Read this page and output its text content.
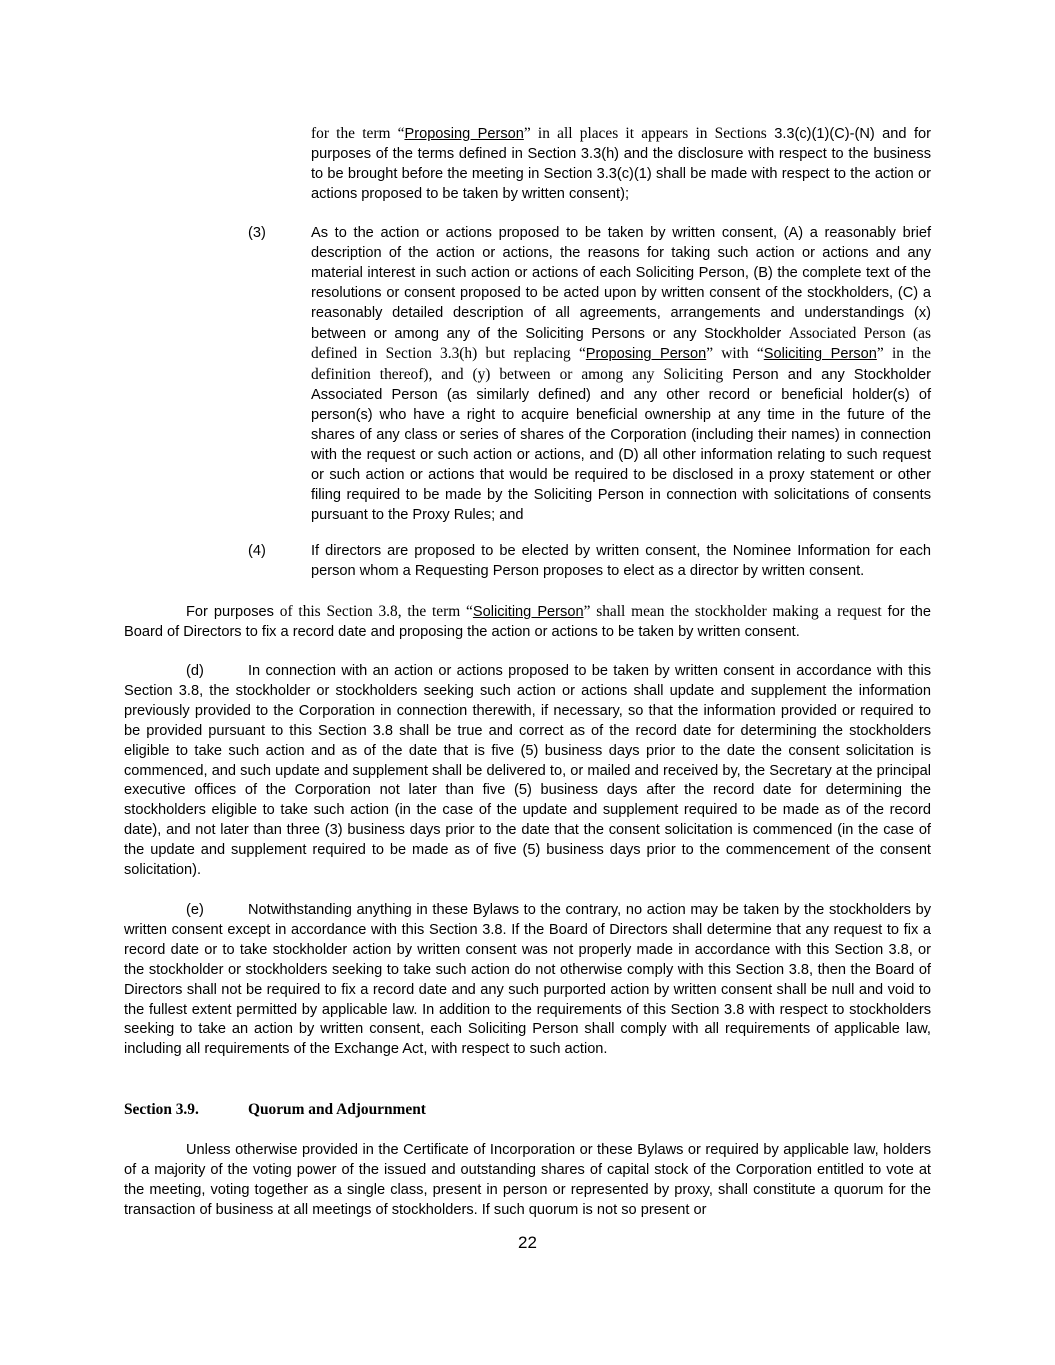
for the term “Proposing Person” in all places it appears in Sections 3.3(c)(1)(C)-(N) and for purposes of the terms defined in Section 3.3(h) and the disclosure with respect to the business to be brought before the meeting in Section 3.3(c)(1) shall be made with respect to the action or actions proposed to be taken by written consent);
(3)	As to the action or actions proposed to be taken by written consent, (A) a reasonably brief description of the action or actions, the reasons for taking such action or actions and any material interest in such action or actions of each Soliciting Person, (B) the complete text of the resolutions or consent proposed to be acted upon by written consent of the stockholders, (C) a reasonably detailed description of all agreements, arrangements and understandings (x) between or among any of the Soliciting Persons or any Stockholder Associated Person (as defined in Section 3.3(h) but replacing “Proposing Person” with “Soliciting Person” in the definition thereof), and (y) between or among any Soliciting Person and any Stockholder Associated Person (as similarly defined) and any other record or beneficial holder(s) of person(s) who have a right to acquire beneficial ownership at any time in the future of the shares of any class or series of shares of the Corporation (including their names) in connection with the request or such action or actions, and (D) all other information relating to such request or such action or actions that would be required to be disclosed in a proxy statement or other filing required to be made by the Soliciting Person in connection with solicitations of consents pursuant to the Proxy Rules; and
(4)	If directors are proposed to be elected by written consent, the Nominee Information for each person whom a Requesting Person proposes to elect as a director by written consent.
For purposes of this Section 3.8, the term “Soliciting Person” shall mean the stockholder making a request for the Board of Directors to fix a record date and proposing the action or actions to be taken by written consent.
(d)	In connection with an action or actions proposed to be taken by written consent in accordance with this Section 3.8, the stockholder or stockholders seeking such action or actions shall update and supplement the information previously provided to the Corporation in connection therewith, if necessary, so that the information provided or required to be provided pursuant to this Section 3.8 shall be true and correct as of the record date for determining the stockholders eligible to take such action and as of the date that is five (5) business days prior to the date the consent solicitation is commenced, and such update and supplement shall be delivered to, or mailed and received by, the Secretary at the principal executive offices of the Corporation not later than five (5) business days after the record date for determining the stockholders eligible to take such action (in the case of the update and supplement required to be made as of the record date), and not later than three (3) business days prior to the date that the consent solicitation is commenced (in the case of the update and supplement required to be made as of five (5) business days prior to the commencement of the consent solicitation).
(e)	Notwithstanding anything in these Bylaws to the contrary, no action may be taken by the stockholders by written consent except in accordance with this Section 3.8. If the Board of Directors shall determine that any request to fix a record date or to take stockholder action by written consent was not properly made in accordance with this Section 3.8, or the stockholder or stockholders seeking to take such action do not otherwise comply with this Section 3.8, then the Board of Directors shall not be required to fix a record date and any such purported action by written consent shall be null and void to the fullest extent permitted by applicable law. In addition to the requirements of this Section 3.8 with respect to stockholders seeking to take an action by written consent, each Soliciting Person shall comply with all requirements of applicable law, including all requirements of the Exchange Act, with respect to such action.
Section 3.9.	Quorum and Adjournment
Unless otherwise provided in the Certificate of Incorporation or these Bylaws or required by applicable law, holders of a majority of the voting power of the issued and outstanding shares of capital stock of the Corporation entitled to vote at the meeting, voting together as a single class, present in person or represented by proxy, shall constitute a quorum for the transaction of business at all meetings of stockholders. If such quorum is not so present or
22
